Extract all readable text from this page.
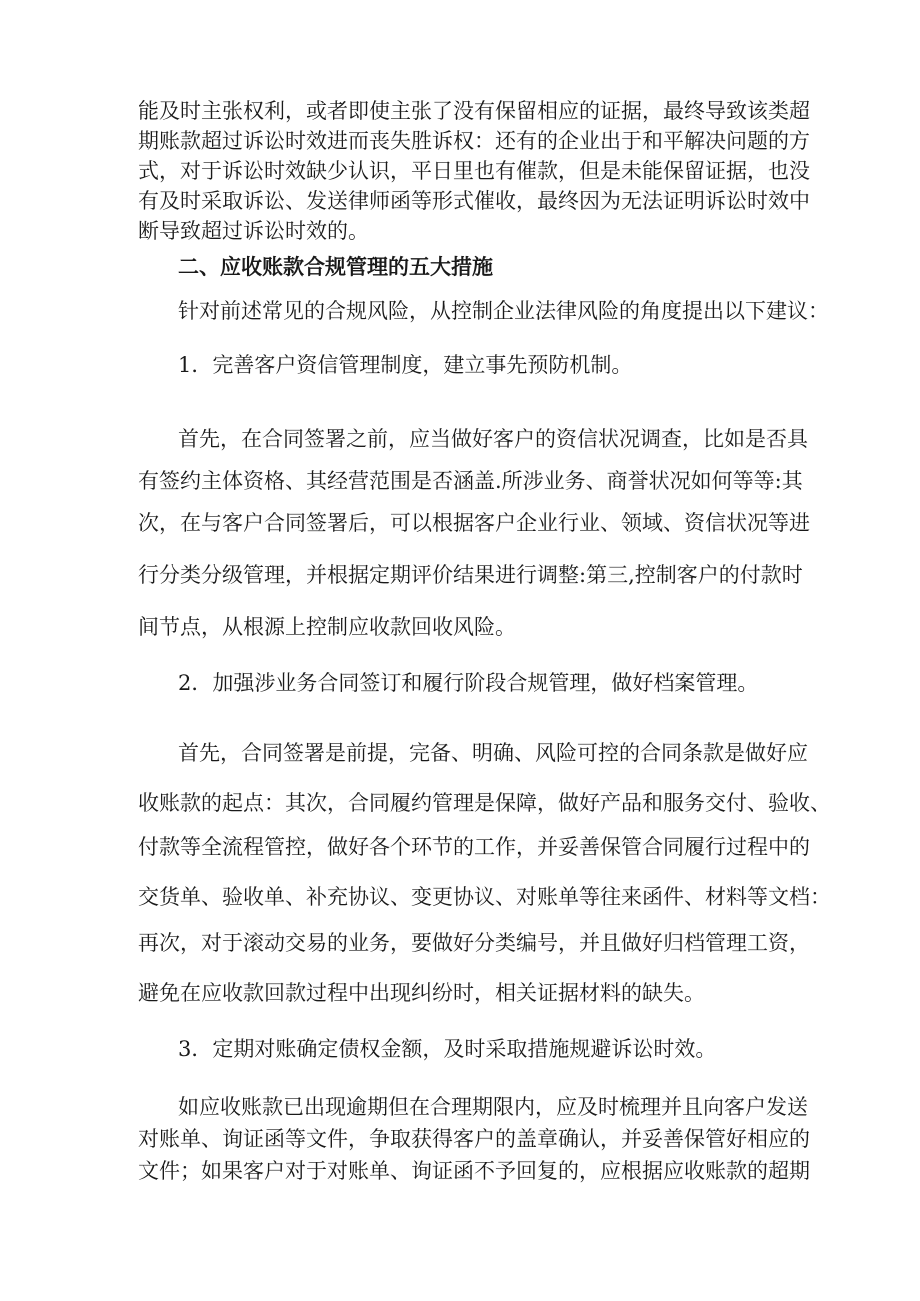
能及时主张权利，或者即使主张了没有保留相应的证据，最终导致该类超
期账款超过诉讼时效进而丧失胜诉权：还有的企业出于和平解决问题的方
式，对于诉讼时效缺少认识，平日里也有催款，但是未能保留证据，也没
有及时采取诉讼、发送律师函等形式催收，最终因为无法证明诉讼时效中
断导致超过诉讼时效的。
二、应收账款合规管理的五大措施
针对前述常见的合规风险，从控制企业法律风险的角度提出以下建议：
1．完善客户资信管理制度，建立事先预防机制。
首先，在合同签署之前，应当做好客户的资信状况调查，比如是否具
有签约主体资格、其经营范围是否涵盖.所涉业务、商誉状况如何等等:其
次，在与客户合同签署后，可以根据客户企业行业、领域、资信状况等进
行分类分级管理，并根据定期评价结果进行调整:第三,控制客户的付款时
间节点，从根源上控制应收款回收风险。
2．加强涉业务合同签订和履行阶段合规管理，做好档案管理。
首先，合同签署是前提，完备、明确、风险可控的合同条款是做好应
收账款的起点：其次，合同履约管理是保障，做好产品和服务交付、验收、
付款等全流程管控，做好各个环节的工作，并妥善保管合同履行过程中的
交货单、验收单、补充协议、变更协议、对账单等往来函件、材料等文档：
再次，对于滚动交易的业务，要做好分类编号，并且做好归档管理工资，
避免在应收款回款过程中出现纠纷时，相关证据材料的缺失。
3．定期对账确定债权金额，及时采取措施规避诉讼时效。
如应收账款已出现逾期但在合理期限内，应及时梳理并且向客户发送
对账单、询证函等文件，争取获得客户的盖章确认，并妥善保管好相应的
文件；如果客户对于对账单、询证函不予回复的，应根据应收账款的超期
